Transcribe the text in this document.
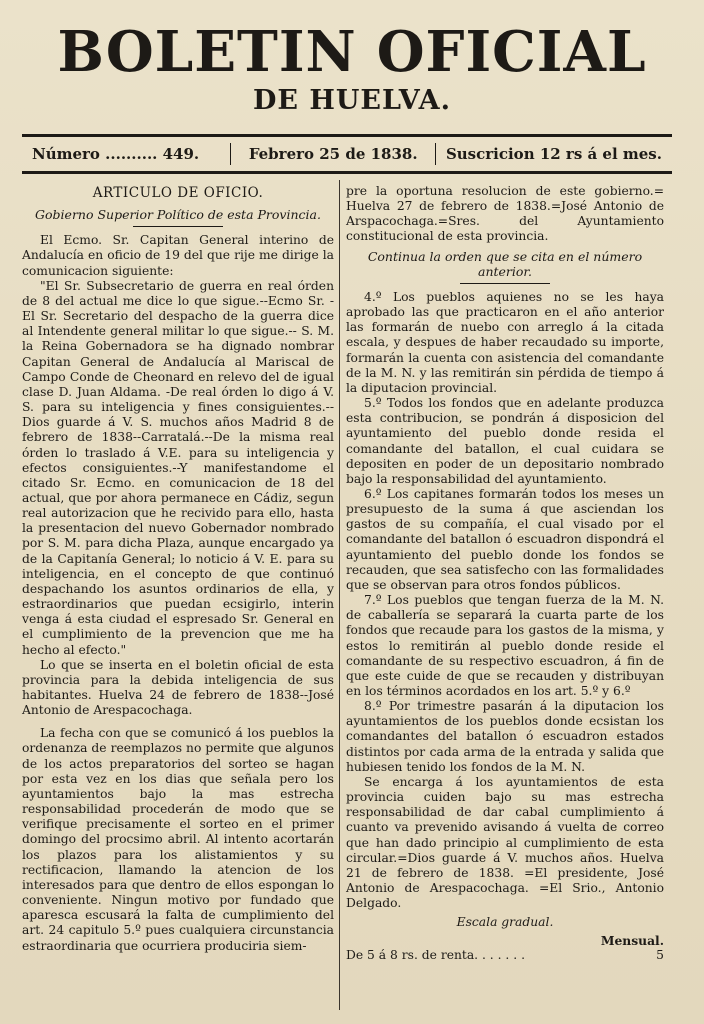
BOLETIN OFICIAL
DE HUELVA.
Número .......... 449.	Febrero 25 de 1838.	Suscricion 12 rs á el mes.
ARTICULO DE OFICIO.
Gobierno Superior Político de esta Provincia.

El Ecmo. Sr. Capitan General interino de Andalucía en oficio de 19 del que rije me dirige la comunicacion siguiente:

"El Sr. Subsecretario de guerra en real órden de 8 del actual me dice lo que sigue.--Ecmo Sr. - El Sr. Secretario del despacho de la guerra dice al Intendente general militar lo que sigue.-- S. M. la Reina Gobernadora se ha dignado nombrar Capitan General de Andalucía al Mariscal de Campo Conde de Cheonard en relevo del de igual clase D. Juan Aldama. -De real órden lo digo á V. S. para su inteligencia y fines consiguientes.--Dios guarde á V. S. muchos años Madrid 8 de febrero de 1838--Carratalá.--De la misma real órden lo traslado á V.E. para su inteligencia y efectos consiguientes.--Y manifestandome el citado Sr. Ecmo. en comunicacion de 18 del actual, que por ahora permanece en Cádiz, segun real autorizacion que he recivido para ello, hasta la presentacion del nuevo Gobernador nombrado por S. M. para dicha Plaza, aunque encargado ya de la Capitanía General; lo noticio á V. E. para su inteligencia, en el concepto de que continuó despachando los asuntos ordinarios de ella, y estraordinarios que puedan ecsigirlo, interin venga á esta ciudad el espresado Sr. General en el cumplimiento de la prevencion que me ha hecho al efecto."

Lo que se inserta en el boletin oficial de esta provincia para la debida inteligencia de sus habitantes. Huelva 24 de febrero de 1838--José Antonio de Arespacochaga.

La fecha con que se comunicó á los pueblos la ordenanza de reemplazos no permite que algunos de los actos preparatorios del sorteo se hagan por esta vez en los dias que señala pero los ayuntamientos bajo la mas estrecha responsabilidad procederán de modo que se verifique precisamente el sorteo en el primer domingo del procsimo abril. Al intento acortarán los plazos para los alistamientos y su rectificacion, llamando la atencion de los interesados para que dentro de ellos espongan lo conveniente. Ningun motivo por fundado que aparesca escusará la falta de cumplimiento del art. 24 capitulo 5.º pues cualquiera circunstancia estraordinaria que ocurriera produciria siem-

pre la oportuna resolucion de este gobierno.= Huelva 27 de febrero de 1838.=José Antonio de Arspacochaga.=Sres. del Ayuntamiento constitucional de esta provincia.

Continua la orden que se cita en el número anterior.

4.º Los pueblos aquienes no se les haya aprobado las que practicaron en el año anterior las formarán de nuebo con arreglo á la citada escala, y despues de haber recaudado su importe, formarán la cuenta con asistencia del comandante de la M. N. y las remitirán sin pérdida de tiempo á la diputacion provincial.

5.º Todos los fondos que en adelante produzca esta contribucion, se pondrán á disposicion del ayuntamiento del pueblo donde resida el comandante del batallon, el cual cuidara se depositen en poder de un depositario nombrado bajo la responsabilidad del ayuntamiento.

6.º Los capitanes formarán todos los meses un presupuesto de la suma á que asciendan los gastos de su compañía, el cual visado por el comandante del batallon ó escuadron dispondrá el ayuntamiento del pueblo donde los fondos se recauden, que sea satisfecho con las formalidades que se observan para otros fondos públicos.

7.º Los pueblos que tengan fuerza de la M. N. de caballería se separará la cuarta parte de los fondos que recaude para los gastos de la misma, y estos lo remitirán al pueblo donde reside el comandante de su respectivo escuadron, á fin de que este cuide de que se recauden y distribuyan en los términos acordados en los art. 5.º y 6.º

8.º Por trimestre pasarán á la diputacion los ayuntamientos de los pueblos donde ecsistan los comandantes del batallon ó escuadron estados distintos por cada arma de la entrada y salida que hubiesen tenido los fondos de la M. N.

Se encarga á los ayuntamientos de esta provincia cuiden bajo su mas estrecha responsabilidad de dar cabal cumplimiento á cuanto va prevenido avisando á vuelta de correo que han dado principio al cumplimiento de esta circular.=Dios guarde á V. muchos años. Huelva 21 de febrero de 1838. =El presidente, José Antonio de Arespacochaga. =El Srio., Antonio Delgado.

Escala gradual.
Mensual.
De 5 á 8 rs. de renta. . . . . . .	5
